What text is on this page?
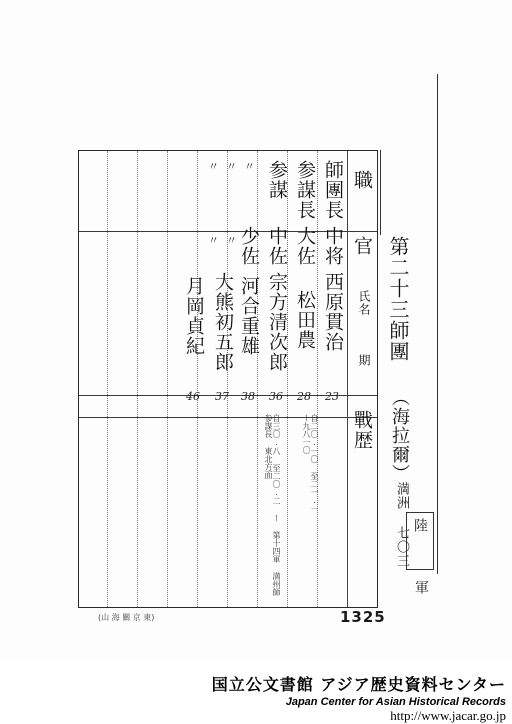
第二十三師團
（海拉爾）
満洲 七〇三 陸
軍
職
官
氏名
期
戰歴
師團長
中将
西原貫治
23
参謀長
大佐
松田農
28
自二〇.一〇 至二一.一 ー九八一〇
参謀
中佐
宗方清次郎
36
自三〇.八 至二〇.二 ー 第十四軍 満州師 参謀長 東北方面
〃
少佐
河合重雄
38
〃
〃
大熊初五郎
37
〃
〃
月岡貞紀
46
(山 海 關 京 東)	1325
国立公文書館 アジア歴史資料センター
Japan Center for Asian Historical Records
http://www.jacar.go.jp
